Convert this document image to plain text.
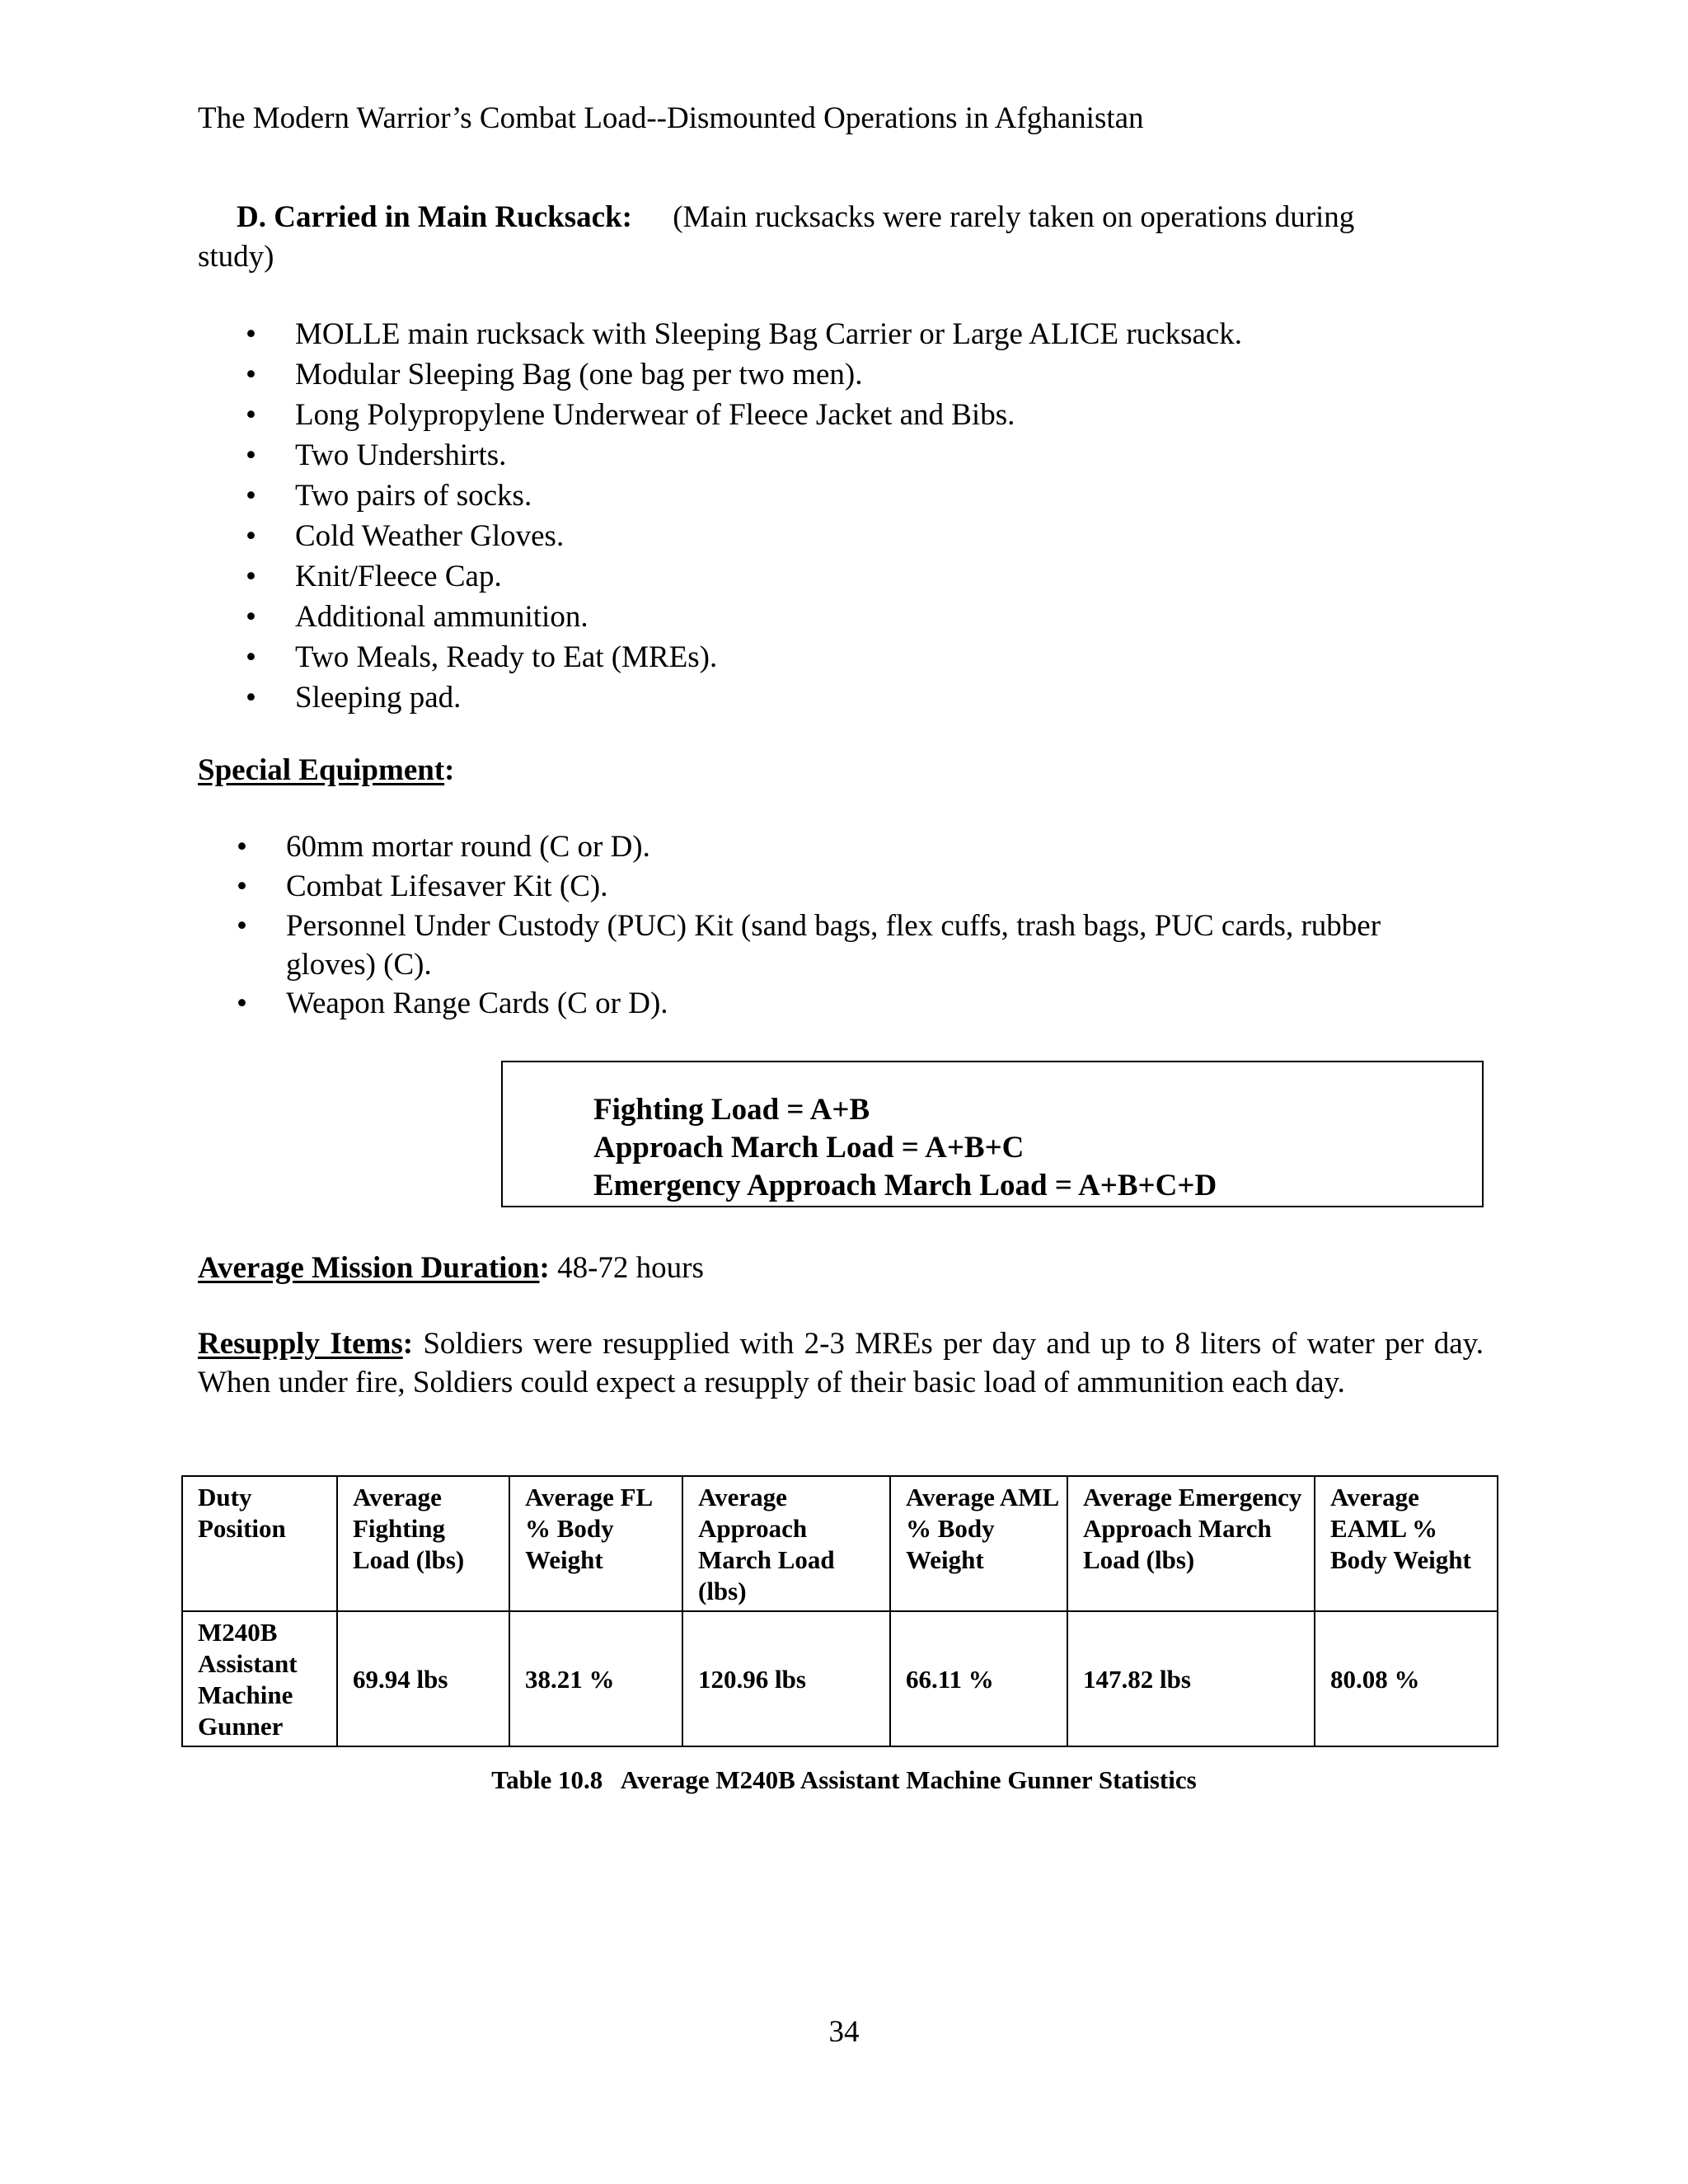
The Modern Warrior’s Combat Load--Dismounted Operations in Afghanistan
D. Carried in Main Rucksack: (Main rucksacks were rarely taken on operations during
study)
• MOLLE main rucksack with Sleeping Bag Carrier or Large ALICE rucksack.
• Modular Sleeping Bag (one bag per two men).
• Long Polypropylene Underwear of Fleece Jacket and Bibs.
• Two Undershirts.
• Two pairs of socks.
• Cold Weather Gloves.
• Knit/Fleece Cap.
• Additional ammunition.
• Two Meals, Ready to Eat (MREs).
• Sleeping pad.
Special Equipment:
• 60mm mortar round (C or D).
• Combat Lifesaver Kit (C).
• Personnel Under Custody (PUC) Kit (sand bags, flex cuffs, trash bags, PUC cards, rubber
gloves) (C).
• Weapon Range Cards (C or D).
Fighting Load = A+B
Approach March Load = A+B+C
Emergency Approach March Load = A+B+C+D
Average Mission Duration: 48-72 hours
Resupply Items: Soldiers were resupplied with 2-3 MREs per day and up to 8 liters of water per day. When under fire, Soldiers could expect a resupply of their basic load of ammunition each day.
Duty Position	Average Fighting Load (lbs)	Average FL % Body Weight	Average Approach March Load (lbs)	Average AML % Body Weight	Average Emergency Approach March Load (lbs)	Average EAML % Body Weight
M240B Assistant Machine Gunner	69.94 lbs	38.21 %	120.96 lbs	66.11 %	147.82 lbs	80.08 %
Table 10.8   Average M240B Assistant Machine Gunner Statistics
34
